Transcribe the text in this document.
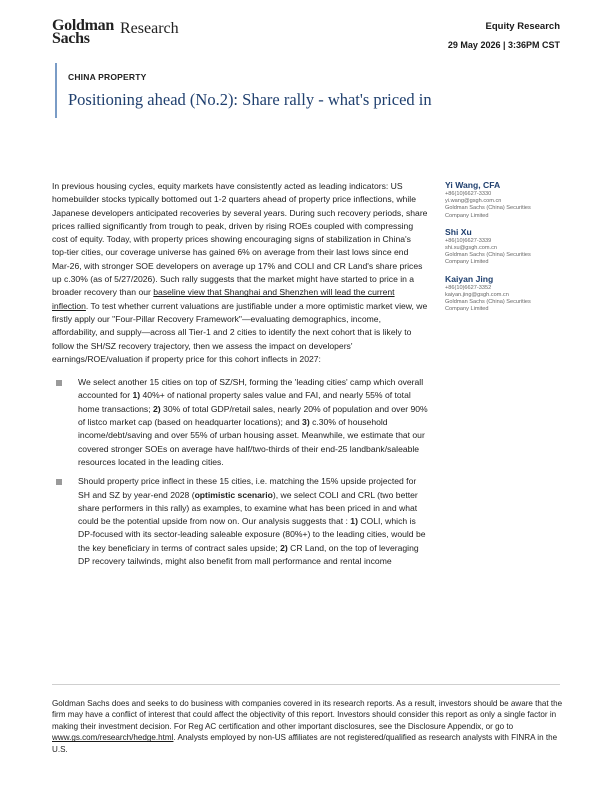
Goldman
Sachs
Research	Equity Research
29 May 2026 | 3:36PM CST
CHINA PROPERTY
Positioning ahead (No.2): Share rally - what's priced in

In previous housing cycles, equity markets have consistently acted as leading indicators: US homebuilder stocks typically bottomed out 1-2 quarters ahead of property price inflections, while Japanese developers anticipated recoveries by several years. During such recovery periods, share prices rallied significantly from trough to peak, driven by rising ROEs coupled with compressing cost of equity. Today, with property prices showing encouraging signs of stabilization in China's top-tier cities, our coverage universe has gained 6% on average from their last lows since end Mar-26, with stronger SOE developers on average up 17% and COLI and CR Land's share prices up c.30% (as of 5/27/2026). Such rally suggests that the market might have started to price in a broader recovery than our baseline view that Shanghai and Shenzhen will lead the current inflection. To test whether current valuations are justifiable under a more optimistic market view, we firstly apply our "Four-Pillar Recovery Framework"—evaluating demographics, income, affordability, and supply—across all Tier-1 and 2 cities to identify the next cohort that is likely to follow the SH/SZ recovery trajectory, then we assess the impact on developers' earnings/ROE/valuation if property price for this cohort inflects in 2027:

We select another 15 cities on top of SZ/SH, forming the 'leading cities' camp which overall accounted for 1) 40%+ of national property sales value and FAI, and nearly 55% of total home transactions; 2) 30% of total GDP/retail sales, nearly 20% of population and over 90% of listco market cap (based on headquarter locations); and 3) c.30% of household income/debt/saving and over 55% of urban housing asset. Meanwhile, we estimate that our covered stronger SOEs on average have half/two-thirds of their end-25 landbank/saleable resources located in the leading cities.
Should property price inflect in these 15 cities, i.e. matching the 15% upside projected for SH and SZ by year-end 2028 (optimistic scenario), we select COLI and CRL (two better share performers in this rally) as examples, to examine what has been priced in and what could be the potential upside from now on. Our analysis suggests that : 1) COLI, which is DP-focused with its sector-leading saleable exposure (80%+) to the leading cities, would be the key beneficiary in terms of contract sales upside; 2) CR Land, on the top of leveraging DP recovery tailwinds, might also benefit from mall performance and rental income
Yi Wang, CFA
+86(10)6627-3330
yi.wang@gsgh.com.cn
Goldman Sachs (China) Securities
Company Limited
Shi Xu
+86(10)6627-3339
shi.xu@gsgh.com.cn
Goldman Sachs (China) Securities
Company Limited
Kaiyan Jing
+86(10)6627-3352
kaiyan.jing@gsgh.com.cn
Goldman Sachs (China) Securities
Company Limited
Goldman Sachs does and seeks to do business with companies covered in its research reports. As a result, investors should be aware that the firm may have a conflict of interest that could affect the objectivity of this report. Investors should consider this report as only a single factor in making their investment decision. For Reg AC certification and other important disclosures, see the Disclosure Appendix, or go to www.gs.com/research/hedge.html. Analysts employed by non-US affiliates are not registered/qualified as research analysts with FINRA in the U.S.
